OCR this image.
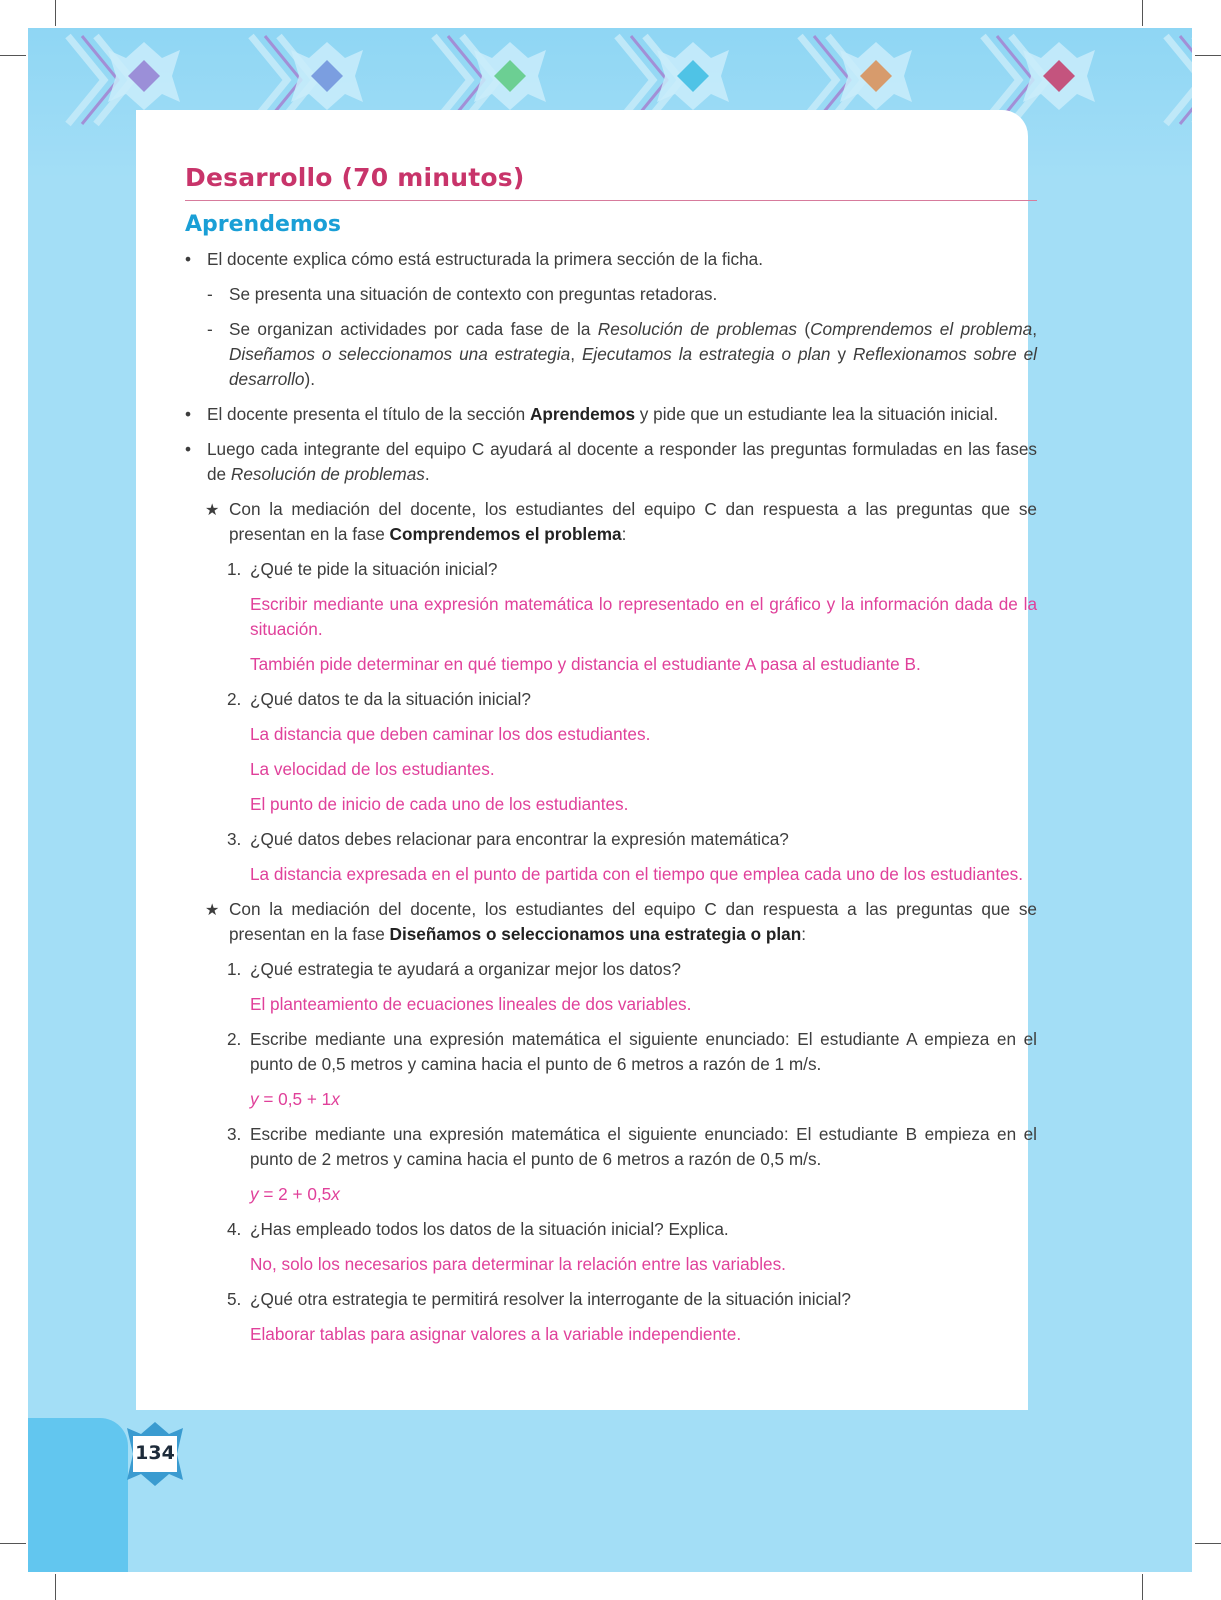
134
Desarrollo (70 minutos)
Aprendemos
• El docente explica cómo está estructurada la primera sección de la ficha.
- Se presenta una situación de contexto con preguntas retadoras.
- Se organizan actividades por cada fase de la Resolución de problemas (Comprendemos el problema, Diseñamos o seleccionamos una estrategia, Ejecutamos la estrategia o plan y Reflexionamos sobre el desarrollo).
• El docente presenta el título de la sección Aprendemos y pide que un estudiante lea la situación inicial.
• Luego cada integrante del equipo C ayudará al docente a responder las preguntas formuladas en las fases de Resolución de problemas.
★ Con la mediación del docente, los estudiantes del equipo C dan respuesta a las preguntas que se presentan en la fase Comprendemos el problema:
1. ¿Qué te pide la situación inicial?
Escribir mediante una expresión matemática lo representado en el gráfico y la información dada de la situación.
También pide determinar en qué tiempo y distancia el estudiante A pasa al estudiante B.
2. ¿Qué datos te da la situación inicial?
La distancia que deben caminar los dos estudiantes.
La velocidad de los estudiantes.
El punto de inicio de cada uno de los estudiantes.
3. ¿Qué datos debes relacionar para encontrar la expresión matemática?
La distancia expresada en el punto de partida con el tiempo que emplea cada uno de los estudiantes.
★ Con la mediación del docente, los estudiantes del equipo C dan respuesta a las preguntas que se presentan en la fase Diseñamos o seleccionamos una estrategia o plan:
1. ¿Qué estrategia te ayudará a organizar mejor los datos?
El planteamiento de ecuaciones lineales de dos variables.
2. Escribe mediante una expresión matemática el siguiente enunciado: El estudiante A empieza en el punto de 0,5 metros y camina hacia el punto de 6 metros a razón de 1 m/s.
y = 0,5 + 1x
3. Escribe mediante una expresión matemática el siguiente enunciado: El estudiante B empieza en el punto de 2 metros y camina hacia el punto de 6 metros a razón de 0,5 m/s.
y = 2 + 0,5x
4. ¿Has empleado todos los datos de la situación inicial? Explica.
No, solo los necesarios para determinar la relación entre las variables.
5. ¿Qué otra estrategia te permitirá resolver la interrogante de la situación inicial?
Elaborar tablas para asignar valores a la variable independiente.
